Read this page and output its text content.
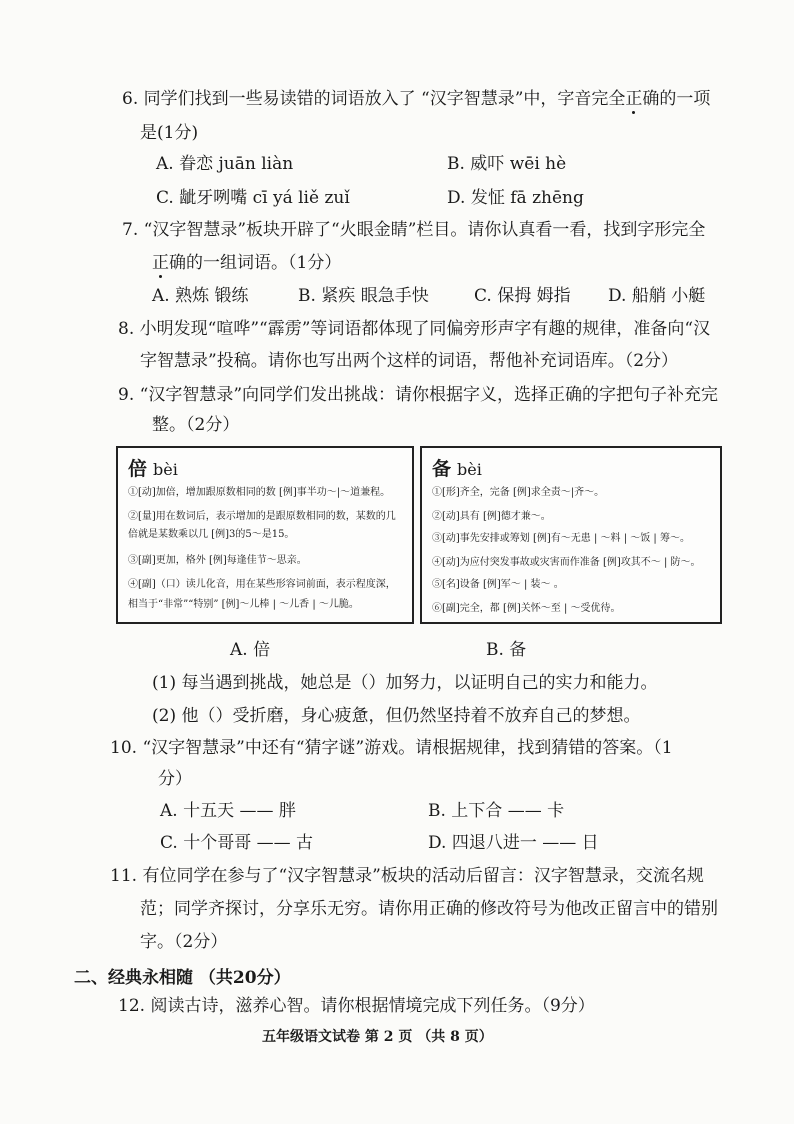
6. 同学们找到一些易读错的词语放入了 “汉字智慧录”中，字音完全正确的一项
是(1分)
A. 眷恋 juān liàn	B. 威吓 wēi hè
C. 龇牙咧嘴 cī yá liě zuǐ	D. 发怔 fā zhēng
7. “汉字智慧录”板块开辟了“火眼金睛”栏目。请你认真看一看，找到字形完全
正确的一组词语。（1分）
A. 熟炼 锻练	B. 紧疾 眼急手快	C. 保拇 姆指 D. 船艄 小艇
8. 小明发现“喧哗”“霹雳”等词语都体现了同偏旁形声字有趣的规律，准备向“汉
字智慧录”投稿。请你也写出两个这样的词语，帮他补充词语库。（2分）
9. “汉字智慧录”向同学们发出挑战：请你根据字义，选择正确的字把句子补充完
整。（2分）
倍 bèi
①[动]加倍，增加跟原数相同的数 [例]事半功～|～道兼程。
②[量]用在数词后，表示增加的是跟原数相同的数，某数的几
倍就是某数乘以几 [例]3的5～是15。
③[副]更加，格外 [例]每逢佳节～思亲。
④[副]（口）读儿化音，用在某些形容词前面，表示程度深，
相当于“非常”“特别” [例]～儿棒 | ～儿香 | ～儿脆。
备 bèi
①[形]齐全，完备 [例]求全责～|齐～。
②[动]具有 [例]德才兼～。
③[动]事先安排或筹划 [例]有～无患 | ～料 | ～饭 | 筹～。
④[动]为应付突发事故或灾害而作准备 [例]攻其不～ | 防～。
⑤[名]设备 [例]军～ | 装～ 。
⑥[副]完全，都 [例]关怀～至 | ～受优待。
A. 倍	B. 备
(1) 每当遇到挑战，她总是（）加努力，以证明自己的实力和能力。
(2) 他（）受折磨，身心疲惫，但仍然坚持着不放弃自己的梦想。
10. “汉字智慧录”中还有“猜字谜”游戏。请根据规律，找到猜错的答案。（1
分）
A. 十五天 —— 胖	B. 上下合 —— 卡
C. 十个哥哥 —— 古	D. 四退八进一 —— 日
11. 有位同学在参与了“汉字智慧录”板块的活动后留言：汉字智慧录，交流名规
范；同学齐探讨，分享乐无穷。请你用正确的修改符号为他改正留言中的错别
字。（2分）
二、经典永相随 （共20分）
12. 阅读古诗，滋养心智。请你根据情境完成下列任务。（9分）
五年级语文试卷 第 2 页 （共 8 页）
